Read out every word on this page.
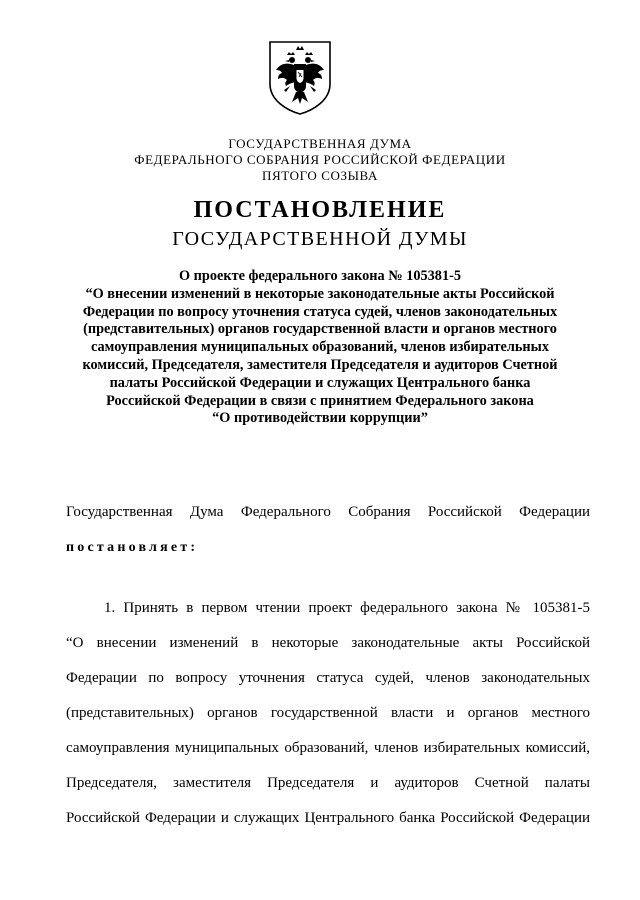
ГОСУДАРСТВЕННАЯ ДУМА
ФЕДЕРАЛЬНОГО СОБРАНИЯ РОССИЙСКОЙ ФЕДЕРАЦИИ
ПЯТОГО СОЗЫВА
ПОСТАНОВЛЕНИЕ
ГОСУДАРСТВЕННОЙ ДУМЫ
О проекте федерального закона № 105381-5
“О внесении изменений в некоторые законодательные акты Российской
Федерации по вопросу уточнения статуса судей, членов законодательных
(представительных) органов государственной власти и органов местного
самоуправления муниципальных образований, членов избирательных
комиссий, Председателя, заместителя Председателя и аудиторов Счетной
палаты Российской Федерации и служащих Центрального банка
Российской Федерации в связи с принятием Федерального закона
“О противодействии коррупции”
Государственная Дума Федерального Собрания Российской Федерации
постановляет:
1. Принять в первом чтении проект федерального закона № 105381-5
“О внесении изменений в некоторые законодательные акты Российской
Федерации по вопросу уточнения статуса судей, членов законодательных
(представительных) органов государственной власти и органов местного
самоуправления муниципальных образований, членов избирательных комиссий,
Председателя, заместителя Председателя и аудиторов Счетной палаты
Российской Федерации и служащих Центрального банка Российской Федерации
